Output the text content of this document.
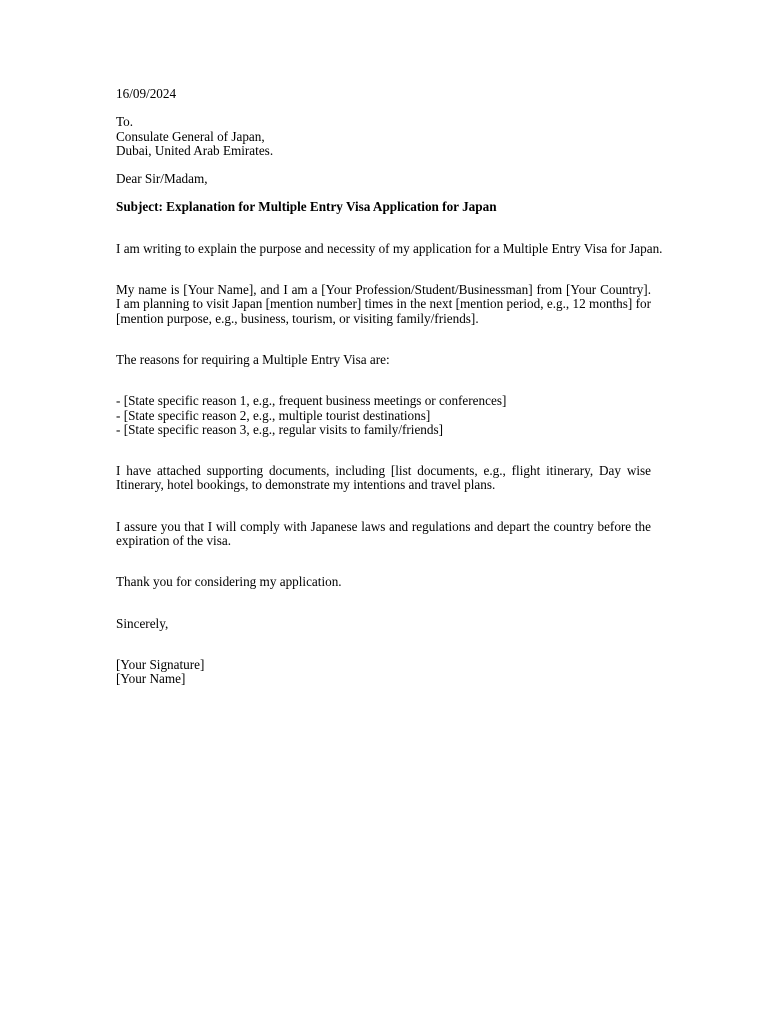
16/09/2024
To.
Consulate General of Japan,
Dubai, United Arab Emirates.
Dear Sir/Madam,
Subject: Explanation for Multiple Entry Visa Application for Japan
I am writing to explain the purpose and necessity of my application for a Multiple Entry Visa for Japan.
My name is [Your Name], and I am a [Your Profession/Student/Businessman] from [Your Country]. I am planning to visit Japan [mention number] times in the next [mention period, e.g., 12 months] for [mention purpose, e.g., business, tourism, or visiting family/friends].
The reasons for requiring a Multiple Entry Visa are:
- [State specific reason 1, e.g., frequent business meetings or conferences]
- [State specific reason 2, e.g., multiple tourist destinations]
- [State specific reason 3, e.g., regular visits to family/friends]
I have attached supporting documents, including [list documents, e.g., flight itinerary, Day wise Itinerary, hotel bookings, to demonstrate my intentions and travel plans.
I assure you that I will comply with Japanese laws and regulations and depart the country before the expiration of the visa.
Thank you for considering my application.
Sincerely,
[Your Signature]
[Your Name]
